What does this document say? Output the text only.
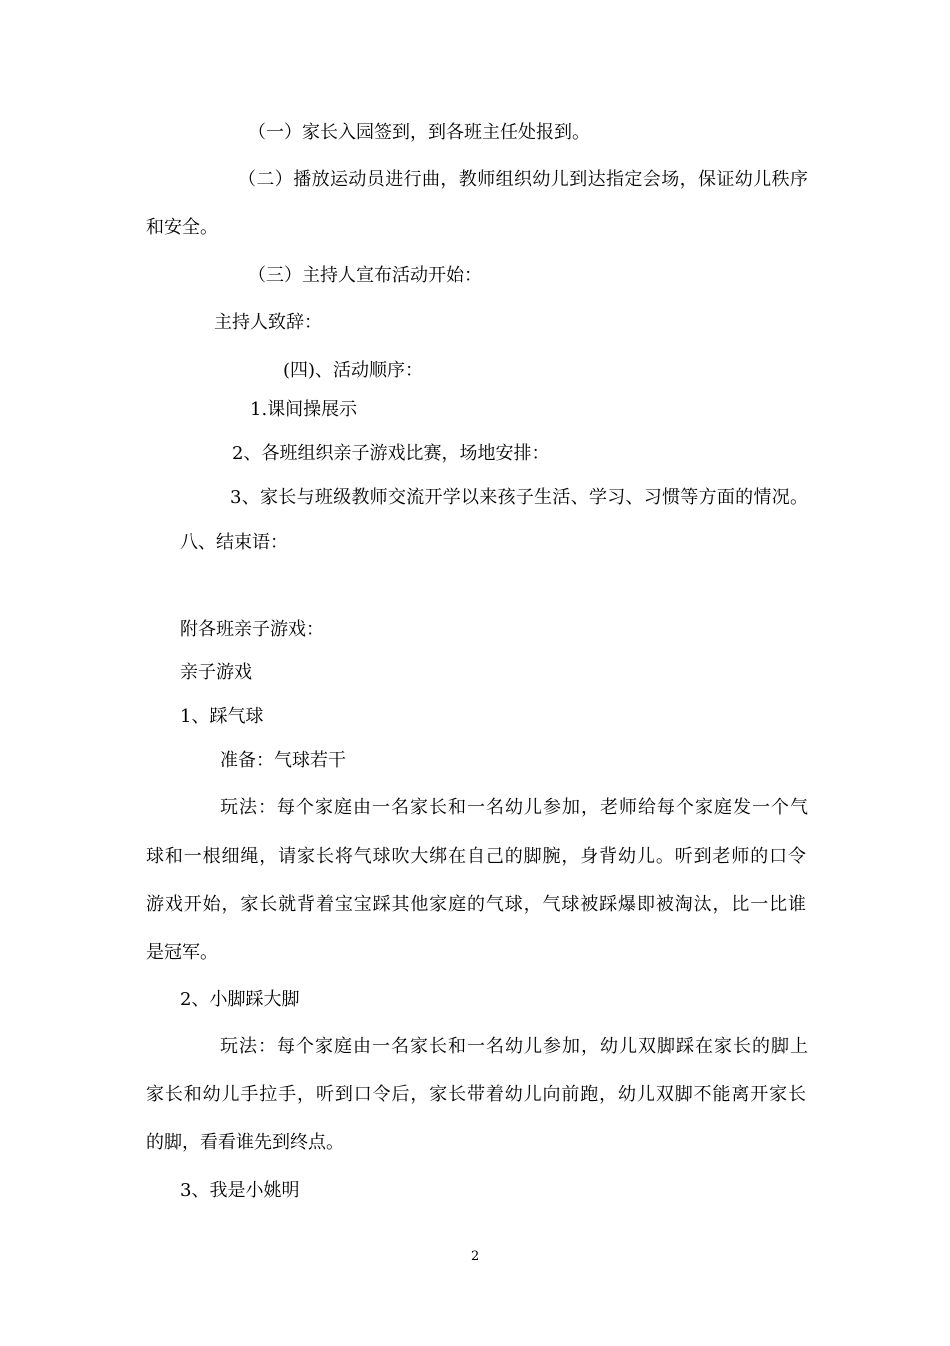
（一）家长入园签到，到各班主任处报到。
（二）播放运动员进行曲，教师组织幼儿到达指定会场，保证幼儿秩序
和安全。
（三）主持人宣布活动开始：
主持人致辞：
(四)、活动顺序：
1.课间操展示
2、各班组织亲子游戏比赛，场地安排：
3、家长与班级教师交流开学以来孩子生活、学习、习惯等方面的情况。
八、结束语：
附各班亲子游戏：
亲子游戏
1、踩气球
准备：气球若干
玩法：每个家庭由一名家长和一名幼儿参加，老师给每个家庭发一个气
球和一根细绳，请家长将气球吹大绑在自己的脚腕，身背幼儿。听到老师的口令
游戏开始，家长就背着宝宝踩其他家庭的气球，气球被踩爆即被淘汰，比一比谁
是冠军。
2、小脚踩大脚
玩法：每个家庭由一名家长和一名幼儿参加，幼儿双脚踩在家长的脚上
家长和幼儿手拉手，听到口令后，家长带着幼儿向前跑，幼儿双脚不能离开家长
的脚，看看谁先到终点。
3、我是小姚明
2
